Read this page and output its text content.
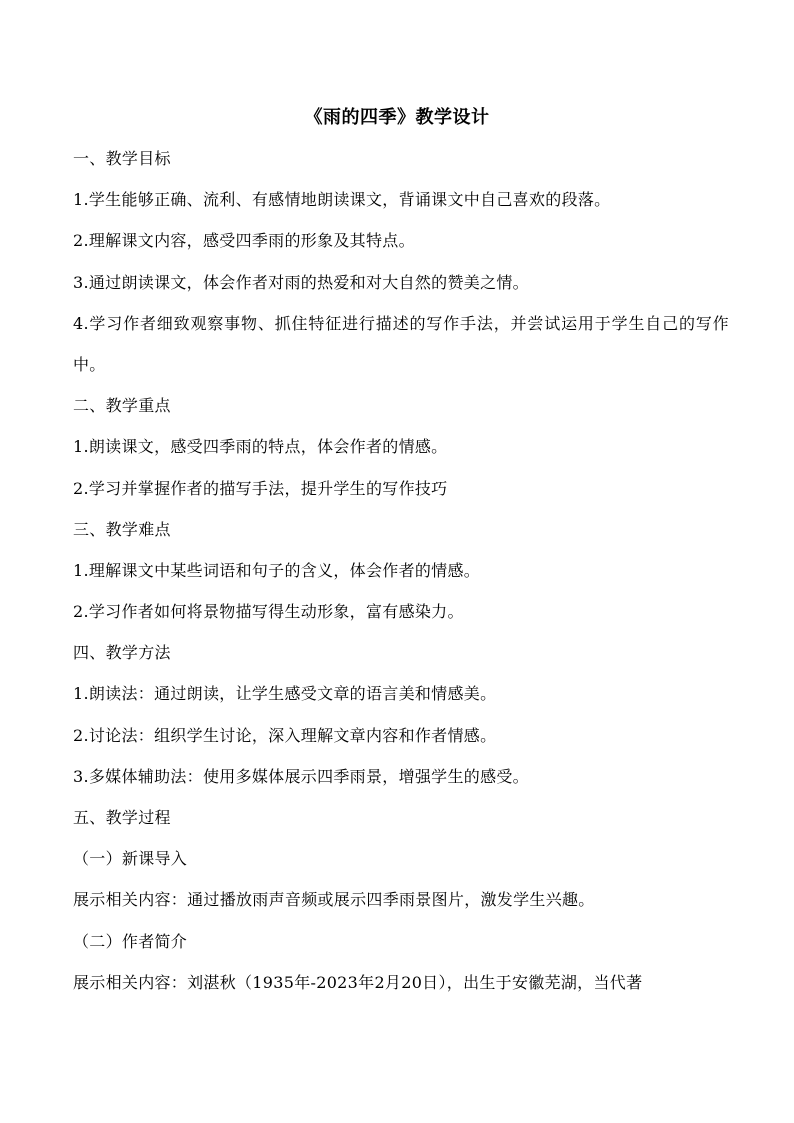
《雨的四季》教学设计
一、教学目标
1.学生能够正确、流利、有感情地朗读课文，背诵课文中自己喜欢的段落。
2.理解课文内容，感受四季雨的形象及其特点。
3.通过朗读课文，体会作者对雨的热爱和对大自然的赞美之情。
4.学习作者细致观察事物、抓住特征进行描述的写作手法，并尝试运用于学生自己的写作中。
二、教学重点
1.朗读课文，感受四季雨的特点，体会作者的情感。
2.学习并掌握作者的描写手法，提升学生的写作技巧
三、教学难点
1.理解课文中某些词语和句子的含义，体会作者的情感。
2.学习作者如何将景物描写得生动形象，富有感染力。
四、教学方法
1.朗读法：通过朗读，让学生感受文章的语言美和情感美。
2.讨论法：组织学生讨论，深入理解文章内容和作者情感。
3.多媒体辅助法：使用多媒体展示四季雨景，增强学生的感受。
五、教学过程
（一）新课导入
展示相关内容：通过播放雨声音频或展示四季雨景图片，激发学生兴趣。
（二）作者简介
展示相关内容：刘湛秋（1935年-2023年2月20日），出生于安徽芜湖，当代著
